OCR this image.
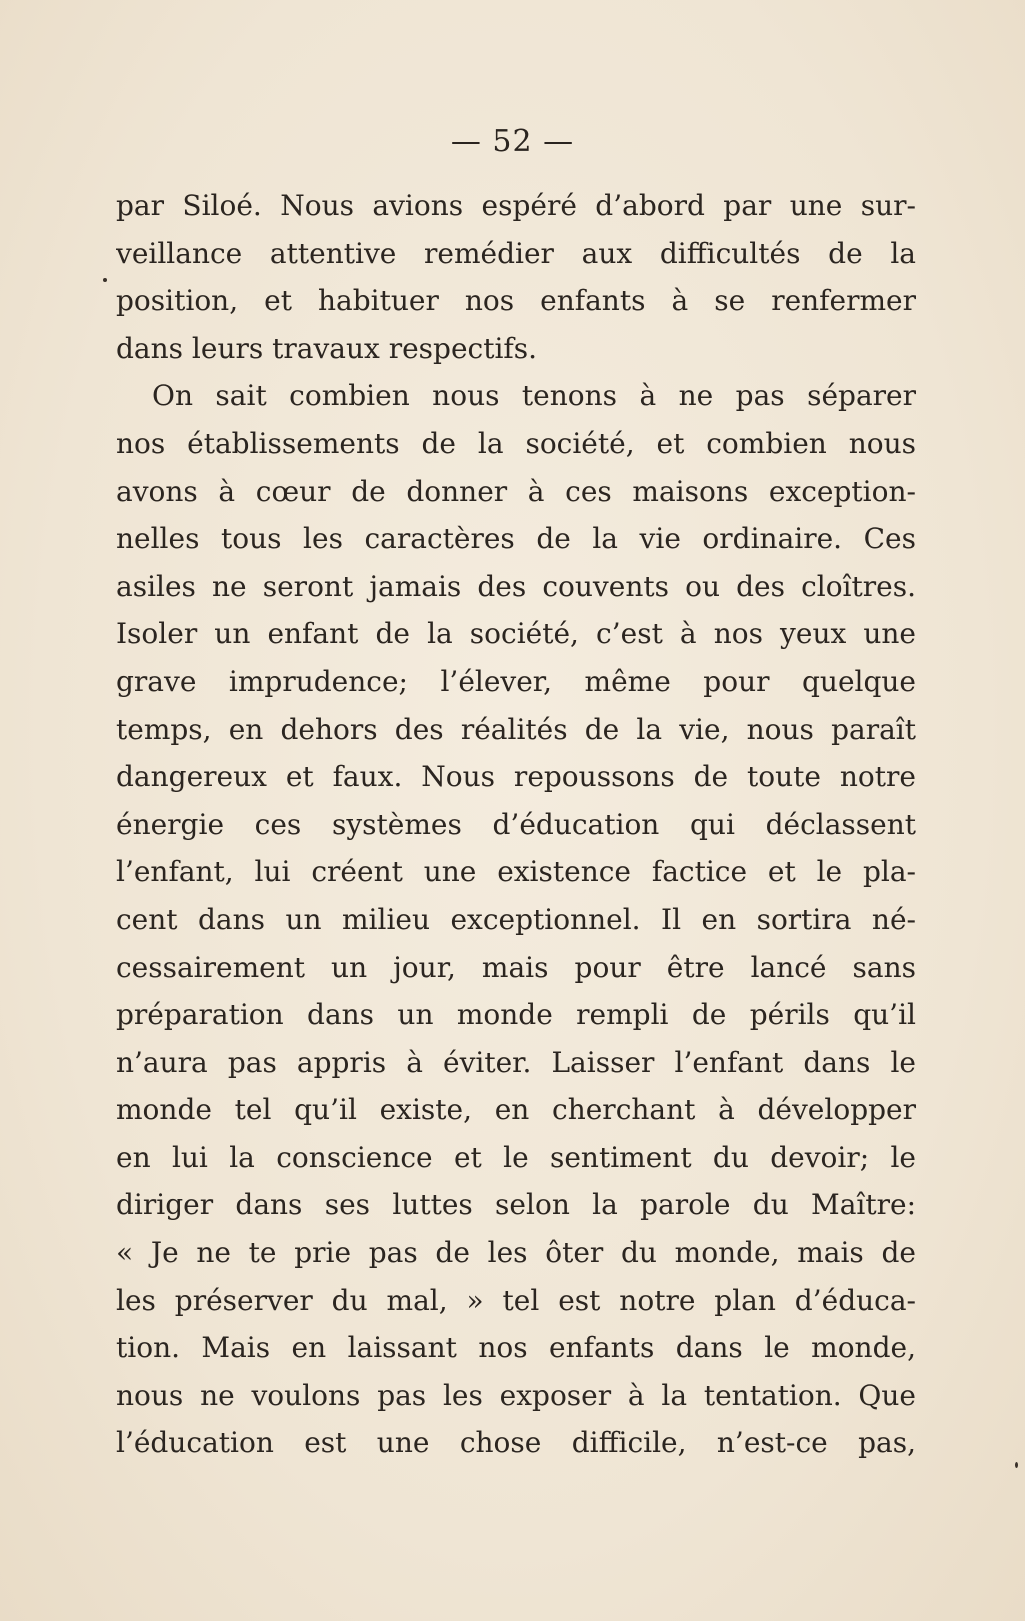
— 52 —
par Siloé. Nous avions espéré d’abord par une sur-
veillance attentive remédier aux difficultés de la
position, et habituer nos enfants à se renfermer
dans leurs travaux respectifs.
On sait combien nous tenons à ne pas séparer
nos établissements de la société, et combien nous
avons à cœur de donner à ces maisons exception-
nelles tous les caractères de la vie ordinaire. Ces
asiles ne seront jamais des couvents ou des cloîtres.
Isoler un enfant de la société, c’est à nos yeux une
grave imprudence; l’élever, même pour quelque
temps, en dehors des réalités de la vie, nous paraît
dangereux et faux. Nous repoussons de toute notre
énergie ces systèmes d’éducation qui déclassent
l’enfant, lui créent une existence factice et le pla-
cent dans un milieu exceptionnel. Il en sortira né-
cessairement un jour, mais pour être lancé sans
préparation dans un monde rempli de périls qu’il
n’aura pas appris à éviter. Laisser l’enfant dans le
monde tel qu’il existe, en cherchant à développer
en lui la conscience et le sentiment du devoir; le
diriger dans ses luttes selon la parole du Maître:
« Je ne te prie pas de les ôter du monde, mais de
les préserver du mal, » tel est notre plan d’éduca-
tion. Mais en laissant nos enfants dans le monde,
nous ne voulons pas les exposer à la tentation. Que
l’éducation est une chose difficile, n’est-ce pas,
